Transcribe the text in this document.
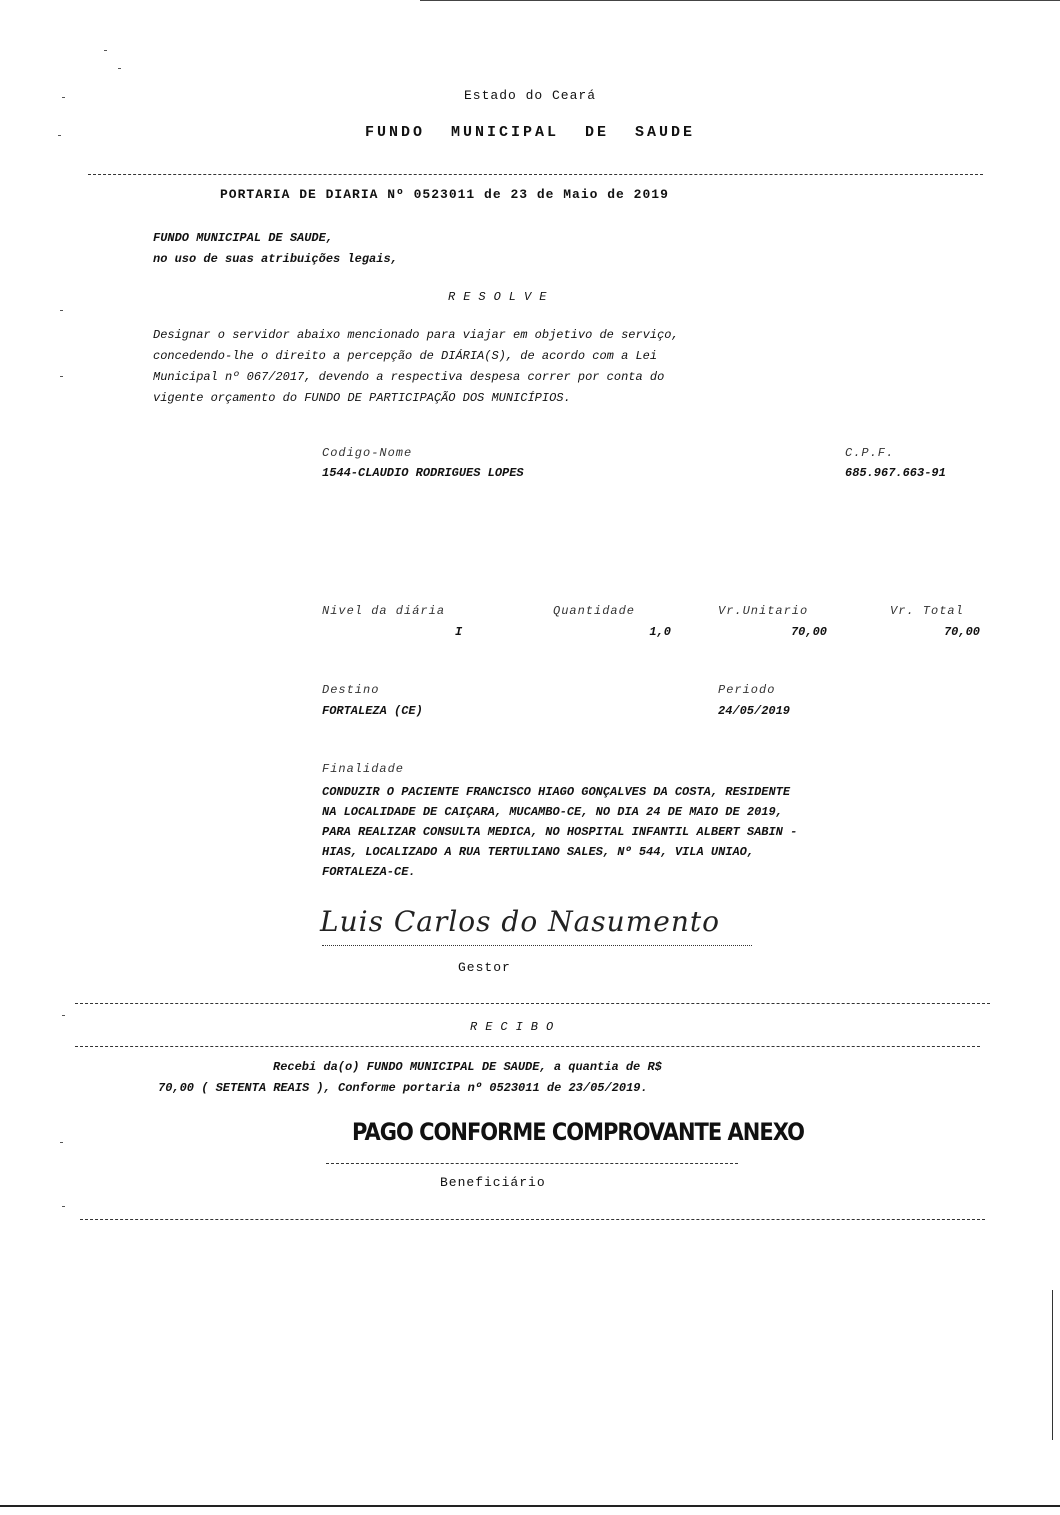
Estado do Ceará
FUNDO MUNICIPAL DE SAUDE
PORTARIA DE DIARIA Nº 0523011 de 23 de Maio de 2019
FUNDO MUNICIPAL DE SAUDE,
no uso de suas atribuições legais,
RESOLVE
Designar o servidor abaixo mencionado para viajar em objetivo de serviço,
concedendo-lhe o direito a percepção de DIÁRIA(S), de acordo com a Lei
Municipal nº 067/2017, devendo a respectiva despesa correr por conta do
vigente orçamento do FUNDO DE PARTICIPAÇÃO DOS MUNICÍPIOS.
Codigo-Nome
1544-CLAUDIO RODRIGUES LOPES
C.P.F.
685.967.663-91
Nivel da diária
I
Quantidade
1,0
Vr.Unitario
70,00
Vr. Total
70,00
Destino
FORTALEZA (CE)
Periodo
24/05/2019
Finalidade
CONDUZIR O PACIENTE FRANCISCO HIAGO GONÇALVES DA COSTA, RESIDENTE
NA LOCALIDADE DE CAIÇARA, MUCAMBO-CE, NO DIA 24 DE MAIO DE 2019,
PARA REALIZAR CONSULTA MEDICA, NO HOSPITAL INFANTIL ALBERT SABIN -
HIAS, LOCALIZADO A RUA TERTULIANO SALES, Nº 544, VILA UNIAO,
FORTALEZA-CE.
Luis Carlos do Nasumento
Gestor
RECIBO
Recebi da(o) FUNDO MUNICIPAL DE SAUDE, a quantia de R$
70,00 ( SETENTA REAIS ), Conforme portaria nº 0523011 de 23/05/2019.
PAGO CONFORME COMPROVANTE ANEXO
Beneficiário
